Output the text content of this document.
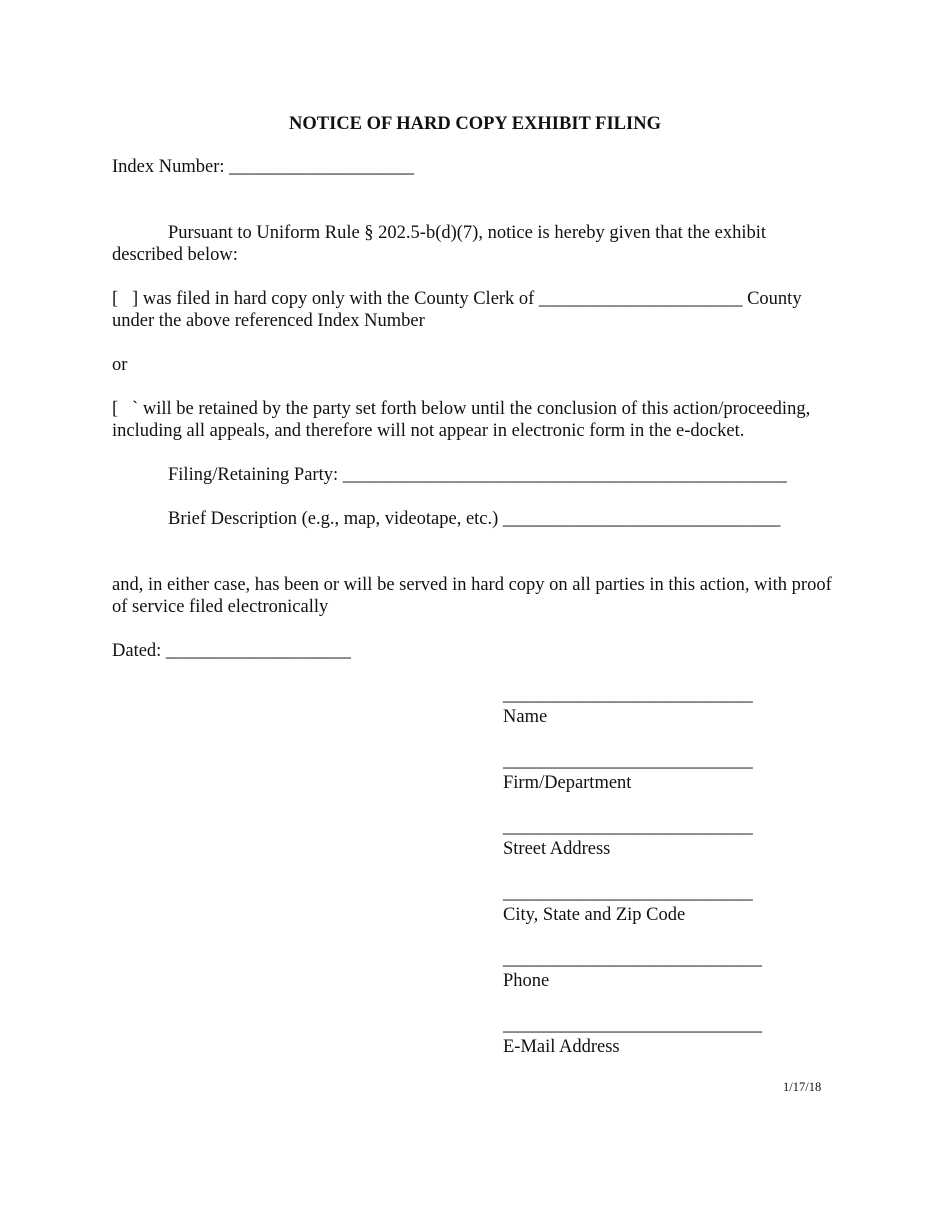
NOTICE OF HARD COPY EXHIBIT FILING
Index Number: ____________________
Pursuant to Uniform Rule § 202.5-b(d)(7), notice is hereby given that the exhibit
described below:
[   ] was filed in hard copy only with the County Clerk of ______________________ County
under the above referenced Index Number
or
[   ` will be retained by the party set forth below until the conclusion of this action/proceeding,
including all appeals, and therefore will not appear in electronic form in the e-docket.
Filing/Retaining Party: ________________________________________________
Brief Description (e.g., map, videotape, etc.) ______________________________
and, in either case, has been or will be served in hard copy on all parties in this action, with proof
of service filed electronically
Dated: ____________________
___________________________
Name
___________________________
Firm/Department
___________________________
Street Address
___________________________
City, State and Zip Code
____________________________
Phone
____________________________
E-Mail Address
1/17/18
